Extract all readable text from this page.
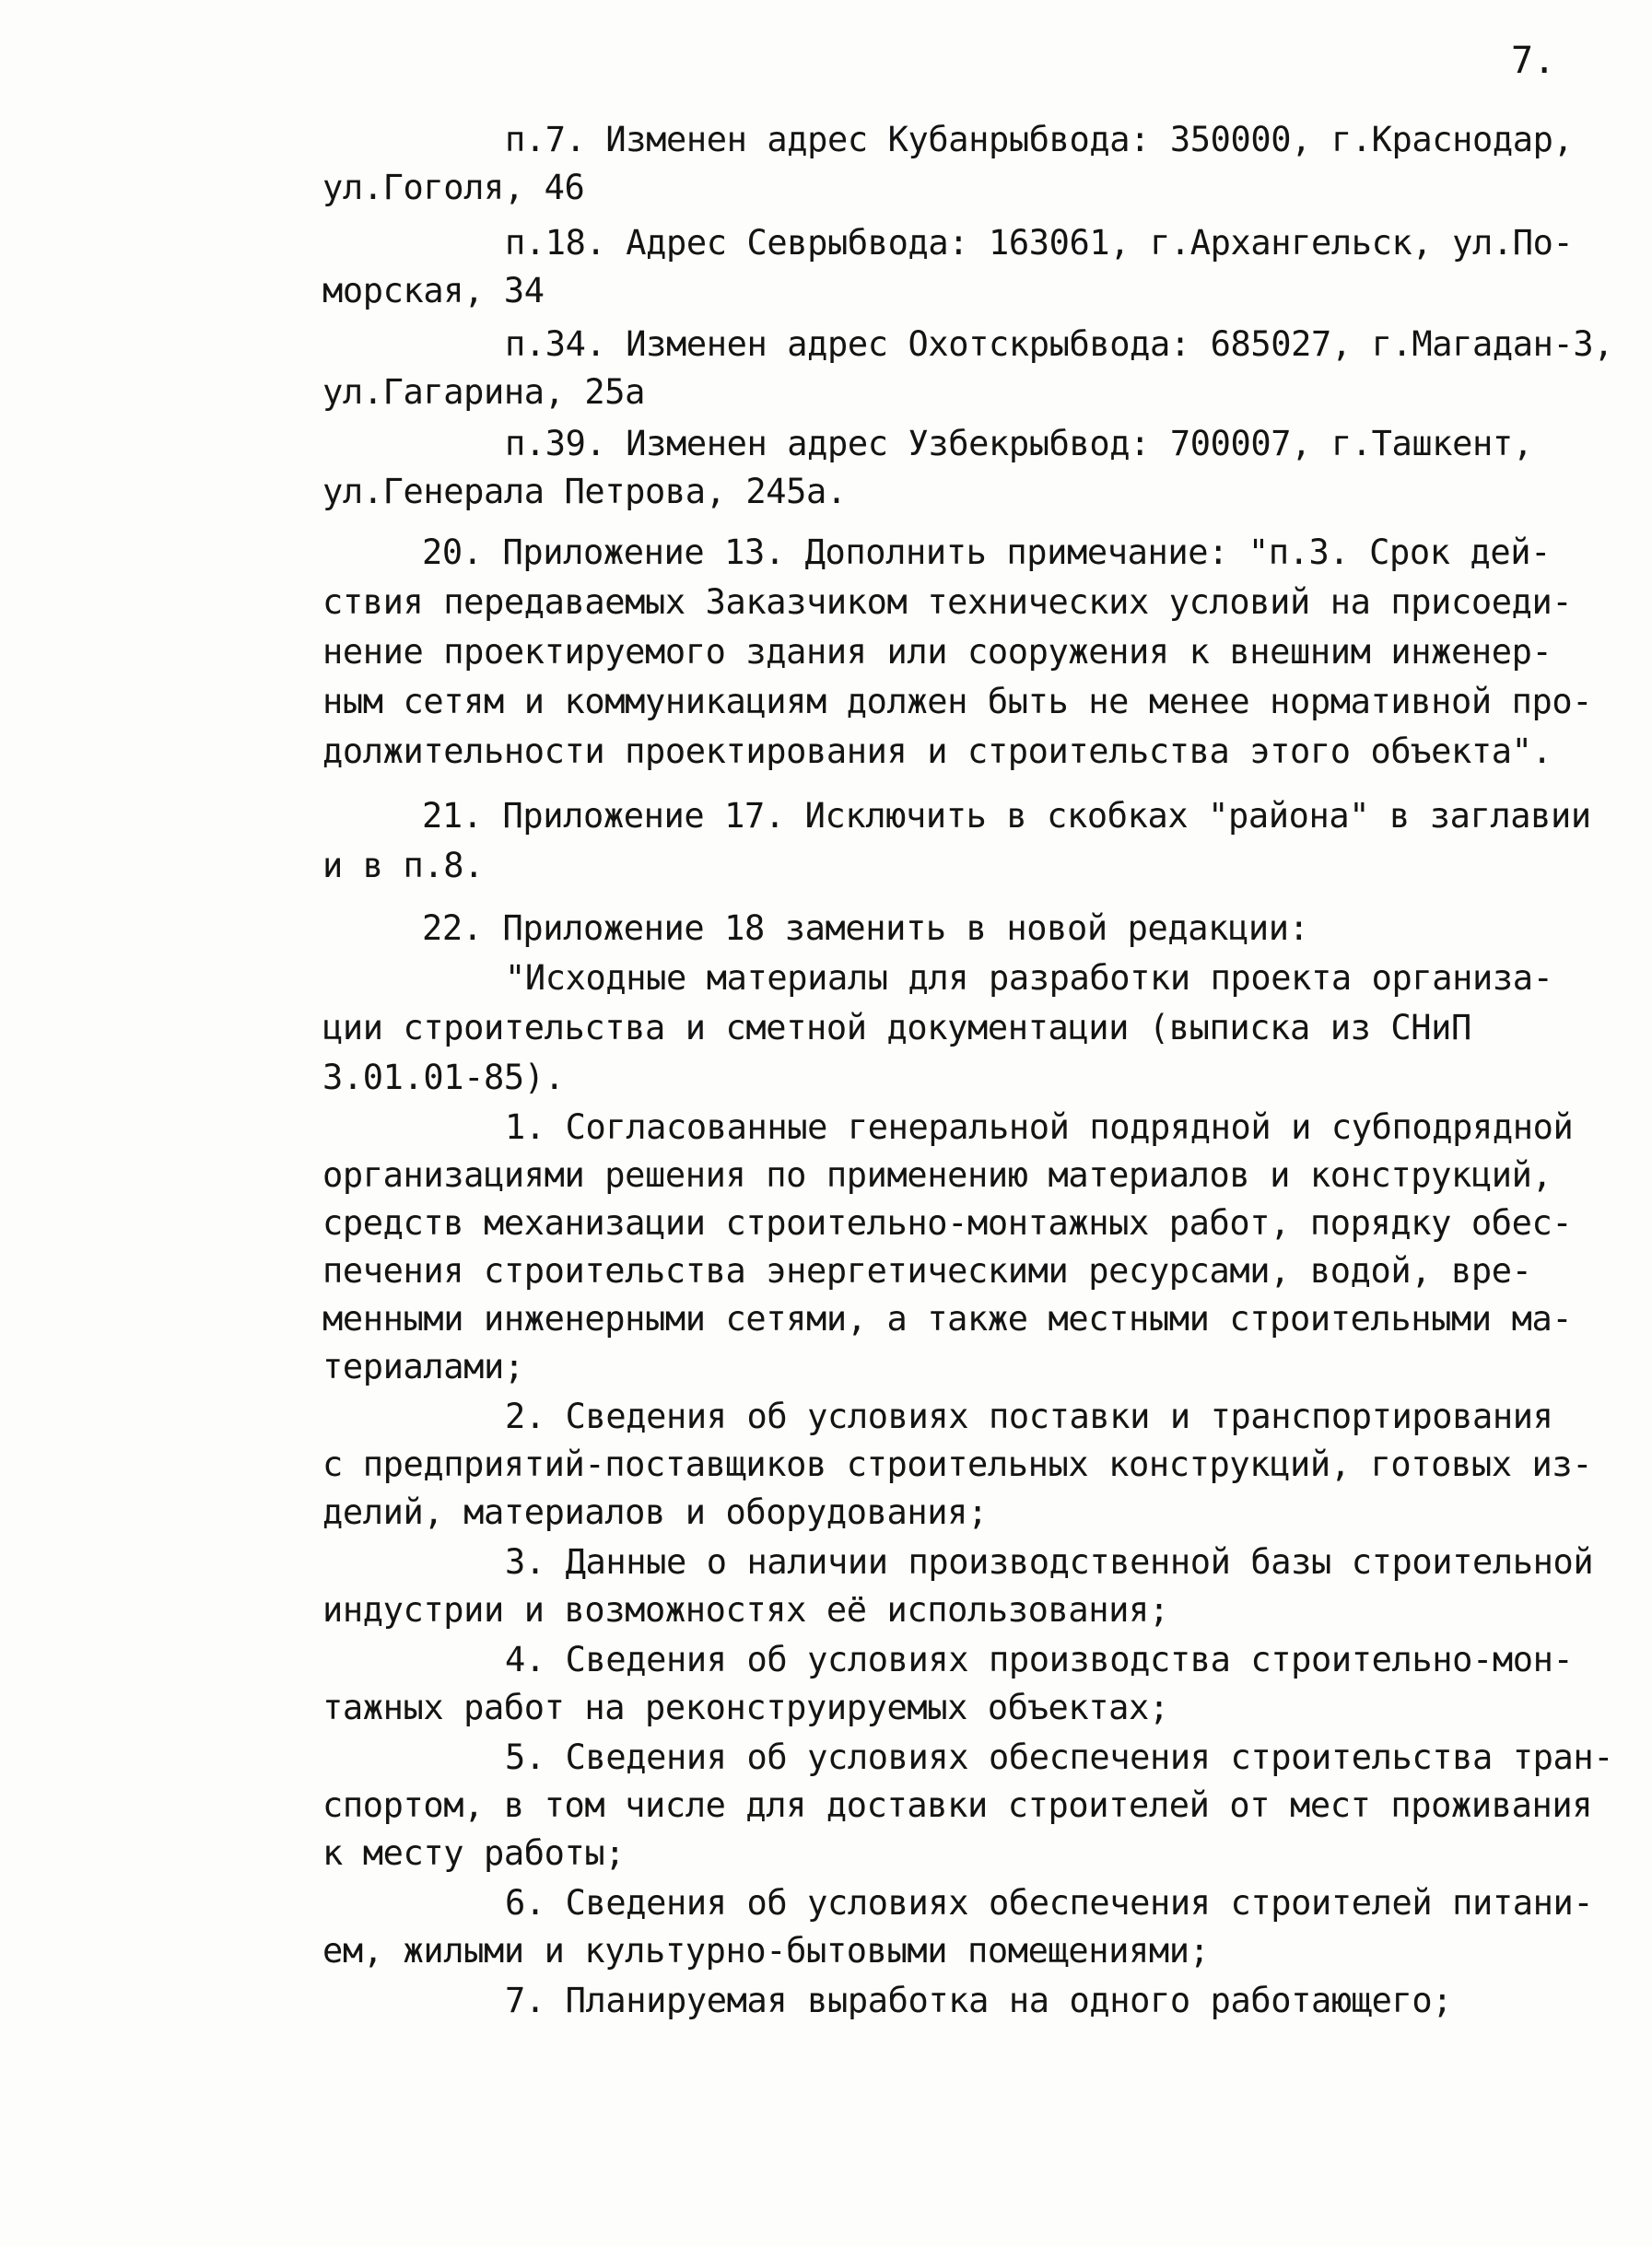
7.
п.7. Изменен адрес Кубанрыбвода: 350000, г.Краснодар,
ул.Гоголя, 46
п.18. Адрес Севрыбвода: 163061, г.Архангельск, ул.По-
морская, 34
п.34. Изменен адрес Охотскрыбвода: 685027, г.Магадан-3,
ул.Гагарина, 25а
п.39. Изменен адрес Узбекрыбвод: 700007, г.Ташкент,
ул.Генерала Петрова, 245а.
20. Приложение 13. Дополнить примечание: "п.3. Срок дей-
ствия передаваемых Заказчиком технических условий на присоеди-
нение проектируемого здания или сооружения к внешним инженер-
ным сетям и коммуникациям должен быть не менее нормативной про-
должительности проектирования и строительства этого объекта".
21. Приложение 17. Исключить в скобках "района" в заглавии
и в п.8.
22. Приложение 18 заменить в новой редакции:
"Исходные материалы для разработки проекта организа-
ции строительства и сметной документации (выписка из СНиП
3.01.01-85).
1. Согласованные генеральной подрядной и субподрядной
организациями решения по применению материалов и конструкций,
средств механизации строительно-монтажных работ, порядку обес-
печения строительства энергетическими ресурсами, водой, вре-
менными инженерными сетями, а также местными строительными ма-
териалами;
2. Сведения об условиях поставки и транспортирования
с предприятий-поставщиков строительных конструкций, готовых из-
делий, материалов и оборудования;
3. Данные о наличии производственной базы строительной
индустрии и возможностях её использования;
4. Сведения об условиях производства строительно-мон-
тажных работ на реконструируемых объектах;
5. Сведения об условиях обеспечения строительства тран-
спортом, в том числе для доставки строителей от мест проживания
к месту работы;
6. Сведения об условиях обеспечения строителей питани-
ем, жилыми и культурно-бытовыми помещениями;
7. Планируемая выработка на одного работающего;
